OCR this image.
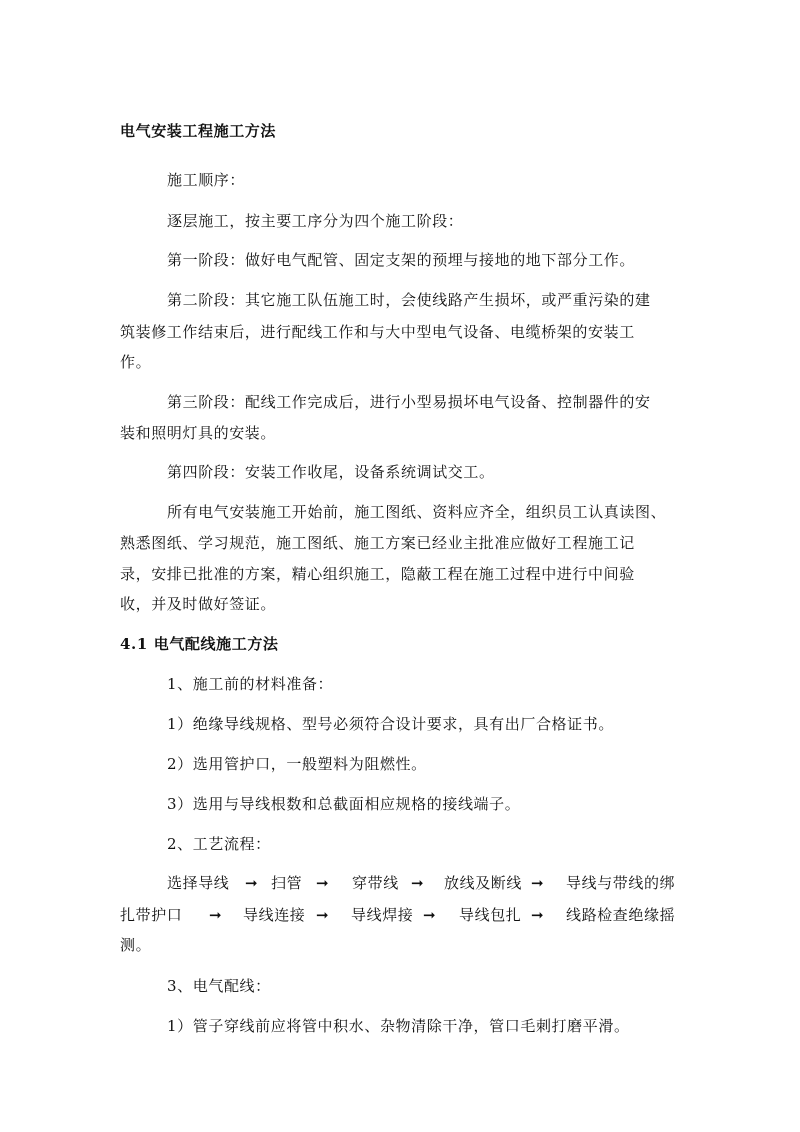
电气安装工程施工方法
施工顺序：
逐层施工，按主要工序分为四个施工阶段：
第一阶段：做好电气配管、固定支架的预埋与接地的地下部分工作。
第二阶段：其它施工队伍施工时，会使线路产生损坏，或严重污染的建
筑装修工作结束后，进行配线工作和与大中型电气设备、电缆桥架的安装工
作。
第三阶段：配线工作完成后，进行小型易损坏电气设备、控制器件的安
装和照明灯具的安装。
第四阶段：安装工作收尾，设备系统调试交工。
所有电气安装施工开始前，施工图纸、资料应齐全，组织员工认真读图、
熟悉图纸、学习规范，施工图纸、施工方案已经业主批准应做好工程施工记
录，安排已批准的方案，精心组织施工，隐蔽工程在施工过程中进行中间验
收，并及时做好签证。
4.1 电气配线施工方法
1、施工前的材料准备：
1）绝缘导线规格、型号必须符合设计要求，具有出厂合格证书。
2）选用管护口，一般塑料为阻燃性。
3）选用与导线根数和总截面相应规格的接线端子。
2、工艺流程：
选择导线 ➞ 扫管 ➞ 穿带线 ➞ 放线及断线 ➞ 导线与带线的绑
扎带护口 ➞ 导线连接 ➞ 导线焊接 ➞ 导线包扎 ➞ 线路检查绝缘摇
测。
3、电气配线：
1）管子穿线前应将管中积水、杂物清除干净，管口毛刺打磨平滑。
